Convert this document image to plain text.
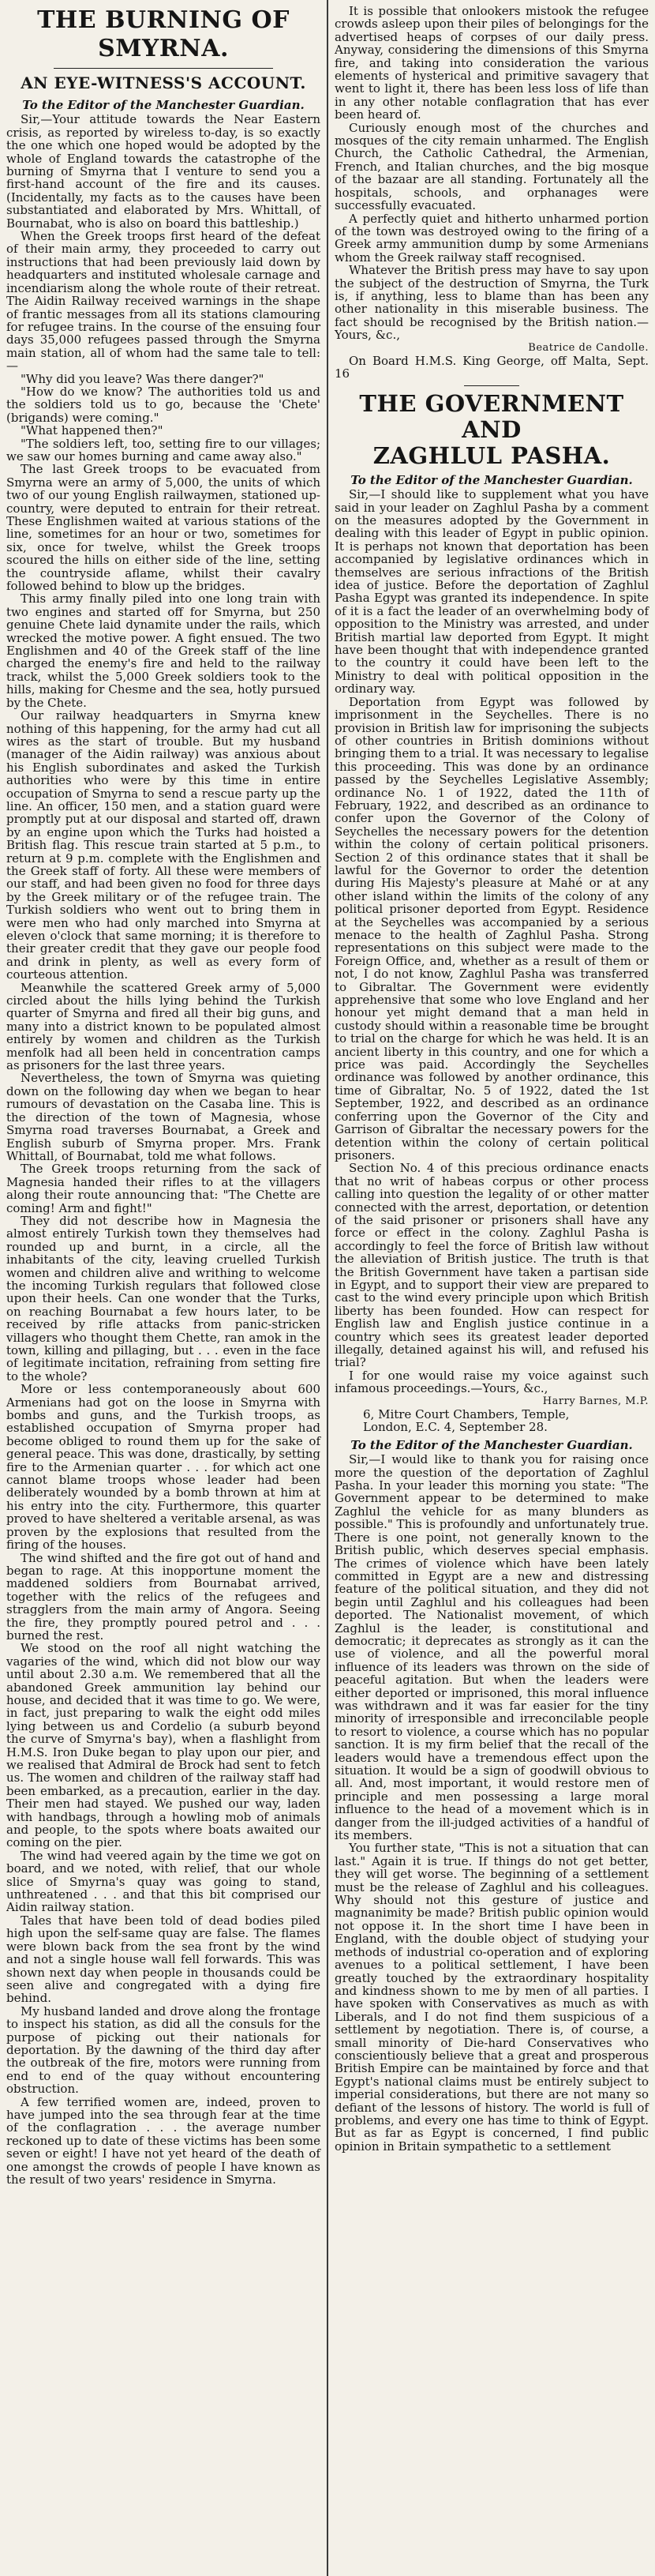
THE BURNING OF SMYRNA.
AN EYE-WITNESS'S ACCOUNT.
To the Editor of the Manchester Guardian.

Sir,—Your attitude towards the Near Eastern crisis, as reported by wireless to-day, is so exactly the one which one hoped would be adopted by the whole of England towards the catastrophe of the burning of Smyrna that I venture to send you a first-hand account of the fire and its causes. (Incidentally, my facts as to the causes have been substantiated and elaborated by Mrs. Whittall, of Bournabat, who is also on board this battleship.)

When the Greek troops first heard of the defeat of their main army, they proceeded to carry out instructions that had been previously laid down by headquarters and instituted wholesale carnage and incendiarism along the whole route of their retreat. The Aidin Railway received warnings in the shape of frantic messages from all its stations clamouring for refugee trains. In the course of the ensuing four days 35,000 refugees passed through the Smyrna main station, all of whom had the same tale to tell:—

"Why did you leave? Was there danger?"

"How do we know? The authorities told us and the soldiers told us to go, because the 'Chete' (brigands) were coming."

"What happened then?"

"The soldiers left, too, setting fire to our villages; we saw our homes burning and came away also."

The last Greek troops to be evacuated from Smyrna were an army of 5,000, the units of which two of our young English railwaymen, stationed up-country, were deputed to entrain for their retreat. These Englishmen waited at various stations of the line, sometimes for an hour or two, sometimes for six, once for twelve, whilst the Greek troops scoured the hills on either side of the line, setting the countryside aflame, whilst their cavalry followed behind to blow up the bridges.

This army finally piled into one long train with two engines and started off for Smyrna, but 250 genuine Chete laid dynamite under the rails, which wrecked the motive power. A fight ensued. The two Englishmen and 40 of the Greek staff of the line charged the enemy's fire and held to the railway track, whilst the 5,000 Greek soldiers took to the hills, making for Chesme and the sea, hotly pursued by the Chete.

Our railway headquarters in Smyrna knew nothing of this happening, for the army had cut all wires as the start of trouble. But my husband (manager of the Aidin railway) was anxious about his English subordinates and asked the Turkish authorities who were by this time in entire occupation of Smyrna to send a rescue party up the line. An officer, 150 men, and a station guard were promptly put at our disposal and started off, drawn by an engine upon which the Turks had hoisted a British flag. This rescue train started at 5 p.m., to return at 9 p.m. complete with the Englishmen and the Greek staff of forty. All these were members of our staff, and had been given no food for three days by the Greek military or of the refugee train. The Turkish soldiers who went out to bring them in were men who had only marched into Smyrna at eleven o'clock that same morning; it is therefore to their greater credit that they gave our people food and drink in plenty, as well as every form of courteous attention.

Meanwhile the scattered Greek army of 5,000 circled about the hills lying behind the Turkish quarter of Smyrna and fired all their big guns, and many into a district known to be populated almost entirely by women and children as the Turkish menfolk had all been held in concentration camps as prisoners for the last three years.

Nevertheless, the town of Smyrna was quieting down on the following day when we began to hear rumours of devastation on the Casaba line. This is the direction of the town of Magnesia, whose Smyrna road traverses Bournabat, a Greek and English suburb of Smyrna proper. Mrs. Frank Whittall, of Bournabat, told me what follows.

The Greek troops returning from the sack of Magnesia handed their rifles to at the villagers along their route announcing that: "The Chette are coming! Arm and fight!"

They did not describe how in Magnesia the almost entirely Turkish town they themselves had rounded up and burnt, in a circle, all the inhabitants of the city, leaving cruelled Turkish women and children alive and writhing to welcome the incoming Turkish regulars that followed close upon their heels. Can one wonder that the Turks, on reaching Bournabat a few hours later, to be received by rifle attacks from panic-stricken villagers who thought them Chette, ran amok in the town, killing and pillaging, but . . . even in the face of legitimate incitation, refraining from setting fire to the whole?

More or less contemporaneously about 600 Armenians had got on the loose in Smyrna with bombs and guns, and the Turkish troops, as established occupation of Smyrna proper had become obliged to round them up for the sake of general peace. This was done, drastically, by setting fire to the Armenian quarter . . . for which act one cannot blame troops whose leader had been deliberately wounded by a bomb thrown at him at his entry into the city. Furthermore, this quarter proved to have sheltered a veritable arsenal, as was proven by the explosions that resulted from the firing of the houses.

The wind shifted and the fire got out of hand and began to rage. At this inopportune moment the maddened soldiers from Bournabat arrived, together with the relics of the refugees and stragglers from the main army of Angora. Seeing the fire, they promptly poured petrol and . . . burned the rest.

We stood on the roof all night watching the vagaries of the wind, which did not blow our way until about 2.30 a.m. We remembered that all the abandoned Greek ammunition lay behind our house, and decided that it was time to go. We were, in fact, just preparing to walk the eight odd miles lying between us and Cordelio (a suburb beyond the curve of Smyrna's bay), when a flashlight from H.M.S. Iron Duke began to play upon our pier, and we realised that Admiral de Brock had sent to fetch us. The women and children of the railway staff had been embarked, as a precaution, earlier in the day. Their men had stayed. We pushed our way, laden with handbags, through a howling mob of animals and people, to the spots where boats awaited our coming on the pier.

The wind had veered again by the time we got on board, and we noted, with relief, that our whole slice of Smyrna's quay was going to stand, unthreatened . . . and that this bit comprised our Aidin railway station.

Tales that have been told of dead bodies piled high upon the self-same quay are false. The flames were blown back from the sea front by the wind and not a single house wall fell forwards. This was shown next day when people in thousands could be seen alive and congregated with a dying fire behind.

My husband landed and drove along the frontage to inspect his station, as did all the consuls for the purpose of picking out their nationals for deportation. By the dawning of the third day after the outbreak of the fire, motors were running from end to end of the quay without encountering obstruction.

A few terrified women are, indeed, proven to have jumped into the sea through fear at the time of the conflagration . . . the average number reckoned up to date of these victims has been some seven or eight! I have not yet heard of the death of one amongst the crowds of people I have known as the result of two years' residence in Smyrna.

It is possible that onlookers mistook the refugee crowds asleep upon their piles of belongings for the advertised heaps of corpses of our daily press. Anyway, considering the dimensions of this Smyrna fire, and taking into consideration the various elements of hysterical and primitive savagery that went to light it, there has been less loss of life than in any other notable conflagration that has ever been heard of.

Curiously enough most of the churches and mosques of the city remain unharmed. The English Church, the Catholic Cathedral, the Armenian, French, and Italian churches, and the big mosque of the bazaar are all standing. Fortunately all the hospitals, schools, and orphanages were successfully evacuated.

A perfectly quiet and hitherto unharmed portion of the town was destroyed owing to the firing of a Greek army ammunition dump by some Armenians whom the Greek railway staff recognised.

Whatever the British press may have to say upon the subject of the destruction of Smyrna, the Turk is, if anything, less to blame than has been any other nationality in this miserable business. The fact should be recognised by the British nation.—Yours, &c.,

Beatrice de Candolle.

On Board H.M.S. King George, off Malta, Sept. 16

THE GOVERNMENT AND
ZAGHLUL PASHA.
To the Editor of the Manchester Guardian.

Sir,—I should like to supplement what you have said in your leader on Zaghlul Pasha by a comment on the measures adopted by the Government in dealing with this leader of Egypt in public opinion. It is perhaps not known that deportation has been accompanied by legislative ordinances which in themselves are serious infractions of the British idea of justice. Before the deportation of Zaghlul Pasha Egypt was granted its independence. In spite of it is a fact the leader of an overwhelming body of opposition to the Ministry was arrested, and under British martial law deported from Egypt. It might have been thought that with independence granted to the country it could have been left to the Ministry to deal with political opposition in the ordinary way.

Deportation from Egypt was followed by imprisonment in the Seychelles. There is no provision in British law for imprisoning the subjects of other countries in British dominions without bringing them to a trial. It was necessary to legalise this proceeding. This was done by an ordinance passed by the Seychelles Legislative Assembly; ordinance No. 1 of 1922, dated the 11th of February, 1922, and described as an ordinance to confer upon the Governor of the Colony of Seychelles the necessary powers for the detention within the colony of certain political prisoners. Section 2 of this ordinance states that it shall be lawful for the Governor to order the detention during His Majesty's pleasure at Mahé or at any other island within the limits of the colony of any political prisoner deported from Egypt. Residence at the Seychelles was accompanied by a serious menace to the health of Zaghlul Pasha. Strong representations on this subject were made to the Foreign Office, and, whether as a result of them or not, I do not know, Zaghlul Pasha was transferred to Gibraltar. The Government were evidently apprehensive that some who love England and her honour yet might demand that a man held in custody should within a reasonable time be brought to trial on the charge for which he was held. It is an ancient liberty in this country, and one for which a price was paid. Accordingly the Seychelles ordinance was followed by another ordinance, this time of Gibraltar, No. 5 of 1922, dated the 1st September, 1922, and described as an ordinance conferring upon the Governor of the City and Garrison of Gibraltar the necessary powers for the detention within the colony of certain political prisoners.

Section No. 4 of this precious ordinance enacts that no writ of habeas corpus or other process calling into question the legality of or other matter connected with the arrest, deportation, or detention of the said prisoner or prisoners shall have any force or effect in the colony. Zaghlul Pasha is accordingly to feel the force of British law without the alleviation of British justice. The truth is that the British Government have taken a partisan side in Egypt, and to support their view are prepared to cast to the wind every principle upon which British liberty has been founded. How can respect for English law and English justice continue in a country which sees its greatest leader deported illegally, detained against his will, and refused his trial?

I for one would raise my voice against such infamous proceedings.—Yours, &c.,

Harry Barnes, M.P.

6, Mitre Court Chambers, Temple,

London, E.C. 4, September 28.

To the Editor of the Manchester Guardian.

Sir,—I would like to thank you for raising once more the question of the deportation of Zaghlul Pasha. In your leader this morning you state: "The Government appear to be determined to make Zaghlul the vehicle for as many blunders as possible." This is profoundly and unfortunately true. There is one point, not generally known to the British public, which deserves special emphasis. The crimes of violence which have been lately committed in Egypt are a new and distressing feature of the political situation, and they did not begin until Zaghlul and his colleagues had been deported. The Nationalist movement, of which Zaghlul is the leader, is constitutional and democratic; it deprecates as strongly as it can the use of violence, and all the powerful moral influence of its leaders was thrown on the side of peaceful agitation. But when the leaders were either deported or imprisoned, this moral influence was withdrawn and it was far easier for the tiny minority of irresponsible and irreconcilable people to resort to violence, a course which has no popular sanction. It is my firm belief that the recall of the leaders would have a tremendous effect upon the situation. It would be a sign of goodwill obvious to all. And, most important, it would restore men of principle and men possessing a large moral influence to the head of a movement which is in danger from the ill-judged activities of a handful of its members.

You further state, "This is not a situation that can last." Again it is true. If things do not get better, they will get worse. The beginning of a settlement must be the release of Zaghlul and his colleagues. Why should not this gesture of justice and magnanimity be made? British public opinion would not oppose it. In the short time I have been in England, with the double object of studying your methods of industrial co-operation and of exploring avenues to a political settlement, I have been greatly touched by the extraordinary hospitality and kindness shown to me by men of all parties. I have spoken with Conservatives as much as with Liberals, and I do not find them suspicious of a settlement by negotiation. There is, of course, a small minority of Die-hard Conservatives who conscientiously believe that a great and prosperous British Empire can be maintained by force and that Egypt's national claims must be entirely subject to imperial considerations, but there are not many so defiant of the lessons of history. The world is full of problems, and every one has time to think of Egypt. But as far as Egypt is concerned, I find public opinion in Britain sympathetic to a settlement
